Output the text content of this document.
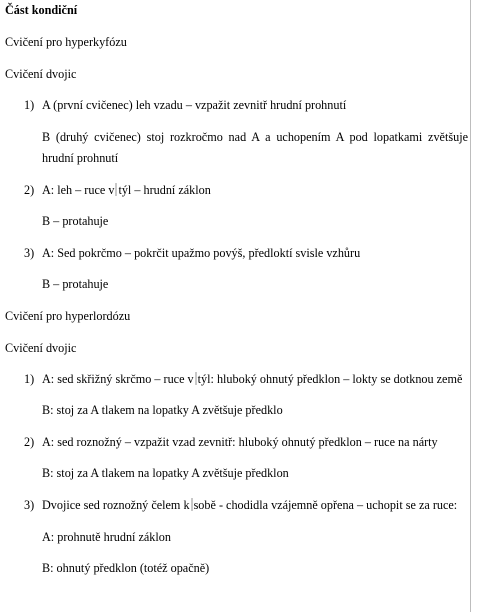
Část kondiční
Cvičení pro hyperkyfózu
Cvičení dvojic
1) A (první cvičenec) leh vzadu – vzpažit zevnitř hrudní prohnutí
B (druhý cvičenec) stoj rozkročmo nad A a uchopením A pod lopatkami zvětšuje
hrudní prohnutí
2) A: leh – ruce v týl – hrudní záklon
B – protahuje
3) A: Sed pokrčmo – pokrčit upažmo povýš, předloktí svisle vzhůru
B – protahuje
Cvičení pro hyperlordózu
Cvičení dvojic
1) A: sed skřižný skrčmo – ruce v týl: hluboký ohnutý předklon – lokty se dotknou země
B: stoj za A tlakem na lopatky A zvětšuje předklo
2) A: sed roznožný – vzpažit vzad zevnitř: hluboký ohnutý předklon – ruce na nárty
B: stoj za A tlakem na lopatky A zvětšuje předklon
3) Dvojice sed roznožný čelem k sobě - chodidla vzájemně opřena – uchopit se za ruce:
A: prohnutě hrudní záklon
B: ohnutý předklon (totéž opačně)
